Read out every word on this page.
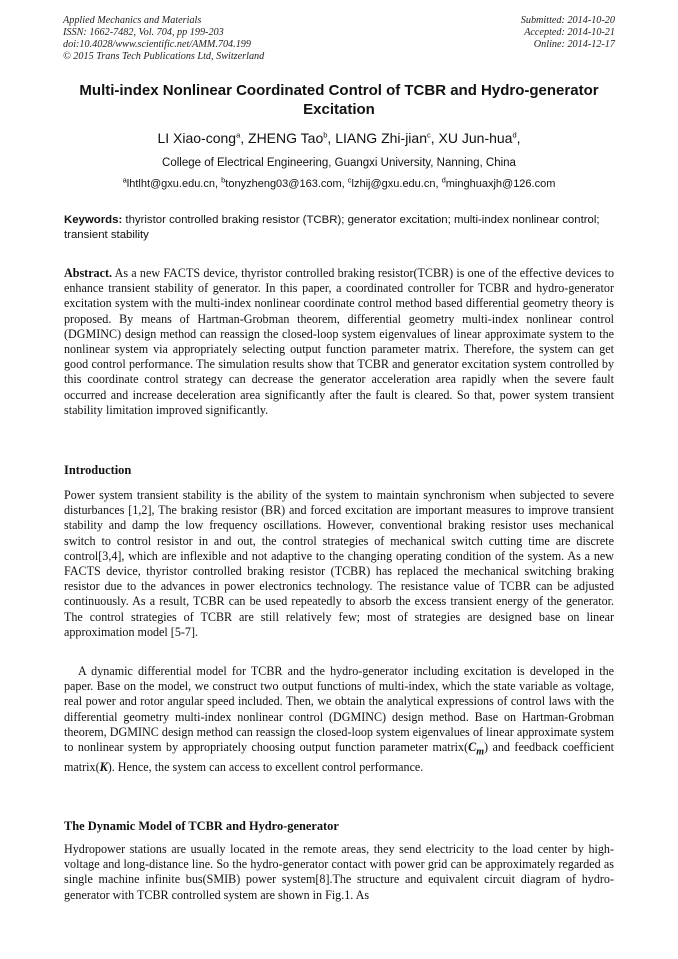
Applied Mechanics and Materials
ISSN: 1662-7482, Vol. 704, pp 199-203
doi:10.4028/www.scientific.net/AMM.704.199
© 2015 Trans Tech Publications Ltd, Switzerland
Submitted: 2014-10-20
Accepted: 2014-10-21
Online: 2014-12-17
Multi-index Nonlinear Coordinated Control of TCBR and Hydro-generator Excitation
LI Xiao-cong$^a$, ZHENG Tao$^b$, LIANG Zhi-jian$^c$, XU Jun-hua$^d$,
College of Electrical Engineering, Guangxi University, Nanning, China
$^a$lhtlht@gxu.edu.cn, $^b$tonyzheng03@163.com, $^c$lzhij@gxu.edu.cn, $^d$minghuaxjh@126.com
Keywords: thyristor controlled braking resistor (TCBR); generator excitation; multi-index nonlinear control; transient stability
Abstract. As a new FACTS device, thyristor controlled braking resistor(TCBR) is one of the effective devices to enhance transient stability of generator. In this paper, a coordinated controller for TCBR and hydro-generator excitation system with the multi-index nonlinear coordinate control method based differential geometry theory is proposed. By means of Hartman-Grobman theorem, differential geometry multi-index nonlinear control (DGMINC) design method can reassign the closed-loop system eigenvalues of linear approximate system to the nonlinear system via appropriately selecting output function parameter matrix. Therefore, the system can get good control performance. The simulation results show that TCBR and generator excitation system controlled by this coordinate control strategy can decrease the generator acceleration area rapidly when the severe fault occurred and increase deceleration area significantly after the fault is cleared. So that, power system transient stability limitation improved significantly.
Introduction
Power system transient stability is the ability of the system to maintain synchronism when subjected to severe disturbances [1,2], The braking resistor (BR) and forced excitation are important measures to improve transient stability and damp the low frequency oscillations. However, conventional braking resistor uses mechanical switch to control resistor in and out, the control strategies of mechanical switch cutting time are discrete control[3,4], which are inflexible and not adaptive to the changing operating condition of the system. As a new FACTS device, thyristor controlled braking resistor (TCBR) has replaced the mechanical switching braking resistor due to the advances in power electronics technology. The resistance value of TCBR can be adjusted continuously. As a result, TCBR can be used repeatedly to absorb the excess transient energy of the generator. The control strategies of TCBR are still relatively few; most of strategies are designed base on linear approximation model [5-7].
A dynamic differential model for TCBR and the hydro-generator including excitation is developed in the paper. Base on the model, we construct two output functions of multi-index, which the state variable as voltage, real power and rotor angular speed included. Then, we obtain the analytical expressions of control laws with the differential geometry multi-index nonlinear control (DGMINC) design method. Base on Hartman-Grobman theorem, DGMINC design method can reassign the closed-loop system eigenvalues of linear approximate system to nonlinear system by appropriately choosing output function parameter $matrix(C_m)$ and feedback coefficient matrix(K). Hence, the system can access to excellent control performance.
The Dynamic Model of TCBR and Hydro-generator
Hydropower stations are usually located in the remote areas, they send electricity to the load center by high-voltage and long-distance line. So the hydro-generator contact with power grid can be approximately regarded as single machine infinite bus(SMIB) power system[8].The structure and equivalent circuit diagram of hydro-generator with TCBR controlled system are shown in Fig.1. As
